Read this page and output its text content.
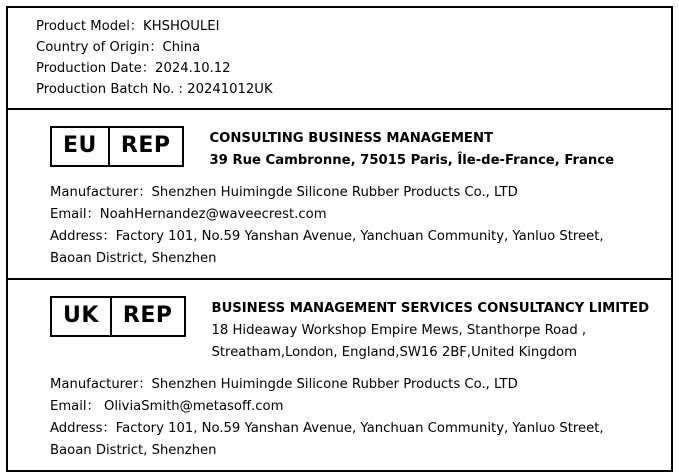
Product Model：KHSHOULEI
Country of Origin：China
Production Date：2024.10.12
Production Batch No. : 20241012UK
EU	REP	CONSULTING BUSINESS MANAGEMENT
39 Rue Cambronne, 75015 Paris, Île-de-France, France
Manufacturer：Shenzhen Huimingde Silicone Rubber Products Co., LTD
Email：NoahHernandez@waveecrest.com
Address：Factory 101, No.59 Yanshan Avenue, Yanchuan Community, Yanluo Street,
Baoan District, Shenzhen
UK	REP	BUSINESS MANAGEMENT SERVICES CONSULTANCY LIMITED
18 Hideaway Workshop Empire Mews, Stanthorpe Road ,
Streatham,London, England,SW16 2BF,United Kingdom
Manufacturer：Shenzhen Huimingde Silicone Rubber Products Co., LTD
Email： OliviaSmith@metasoff.com
Address：Factory 101, No.59 Yanshan Avenue, Yanchuan Community, Yanluo Street,
Baoan District, Shenzhen
